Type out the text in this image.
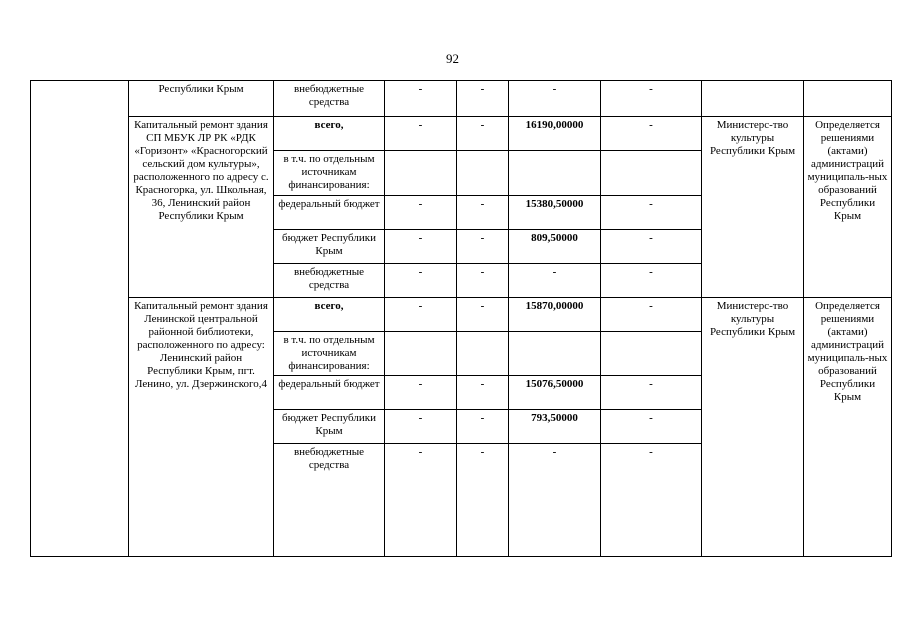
92
	Республики Крым	внебюджетные средства	-	-	-	-		
	Капитальный ремонт здания СП МБУК ЛР РК «РДК «Горизонт» «Красногорский сельский дом культуры», расположенного по адресу с. Красногорка, ул. Школьная, 36, Ленинский район Республики Крым	всего,	-	-	16190,00000	-	Министерс-тво культуры Республики Крым	Определяется решениями (актами) администраций муниципаль-ных образований Республики Крым
		в т.ч. по отдельным источникам финансирования:						
		федеральный бюджет	-	-	15380,50000	-		
		бюджет Республики Крым	-	-	809,50000	-		
		внебюджетные средства	-	-	-	-		
	Капитальный ремонт здания Ленинской центральной районной библиотеки, расположенного по адресу: Ленинский район Республики Крым, пгт. Ленино, ул. Дзержинского,4	всего,	-	-	15870,00000	-	Министерс-тво культуры Республики Крым	Определяется решениями (актами) администраций муниципаль-ных образований Республики Крым
		в т.ч. по отдельным источникам финансирования:						
		федеральный бюджет	-	-	15076,50000	-		
		бюджет Республики Крым	-	-	793,50000	-		
		внебюджетные средства	-	-	-	-		
